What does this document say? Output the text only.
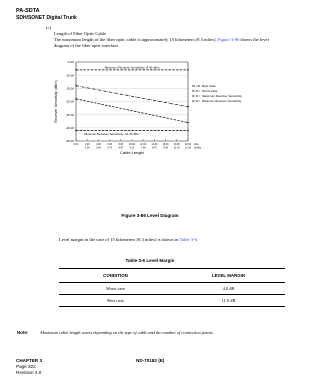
PA-SDTA
SDH/SONET Digital Trunk
(c)
Length of Fiber Optic Cable
The maximum length of the fiber optic cable is approximately 15 kilometers (9.3 miles). Figure 3-86 shows the level diagram of the fiber optic interface.
-5.00
-10.00
-15.00
-20.00
-25.00
-30.00
-35.00
0.00	2.00	4.00	6.00	8.00 10.00 12.00 14.00 16.00 18.00 20.00 (km)
1.24	2.49	3.73	4.97	6.21	7.46	8.70	9.95 11.19 12.43 (miles)
Cable Length
Receiver Sensitivity (dBm)	Best Case
Worst Case
Maximum Receiver Sensitivity
Minimum Receiver Sensitivity
Maximum Receiver Sensitivity -8.00 dBm
Minimum Receiver Sensitivity -31.00 dBm
Figure 3-86 Level Diagram
Level margin in the case of 15 kilometers (9.3 miles) is shown in Table 3-6.
Table 3-6 Level Margin
CONDITION	LEVEL MARGIN
Worst case	4.0 dB
Best case	11.0 dB
Note:	Maximum cable length varies depending on the type of cable and the number of connection points.
CHAPTER 3
Page 322
Revision 4.0
ND-70182 (E)
